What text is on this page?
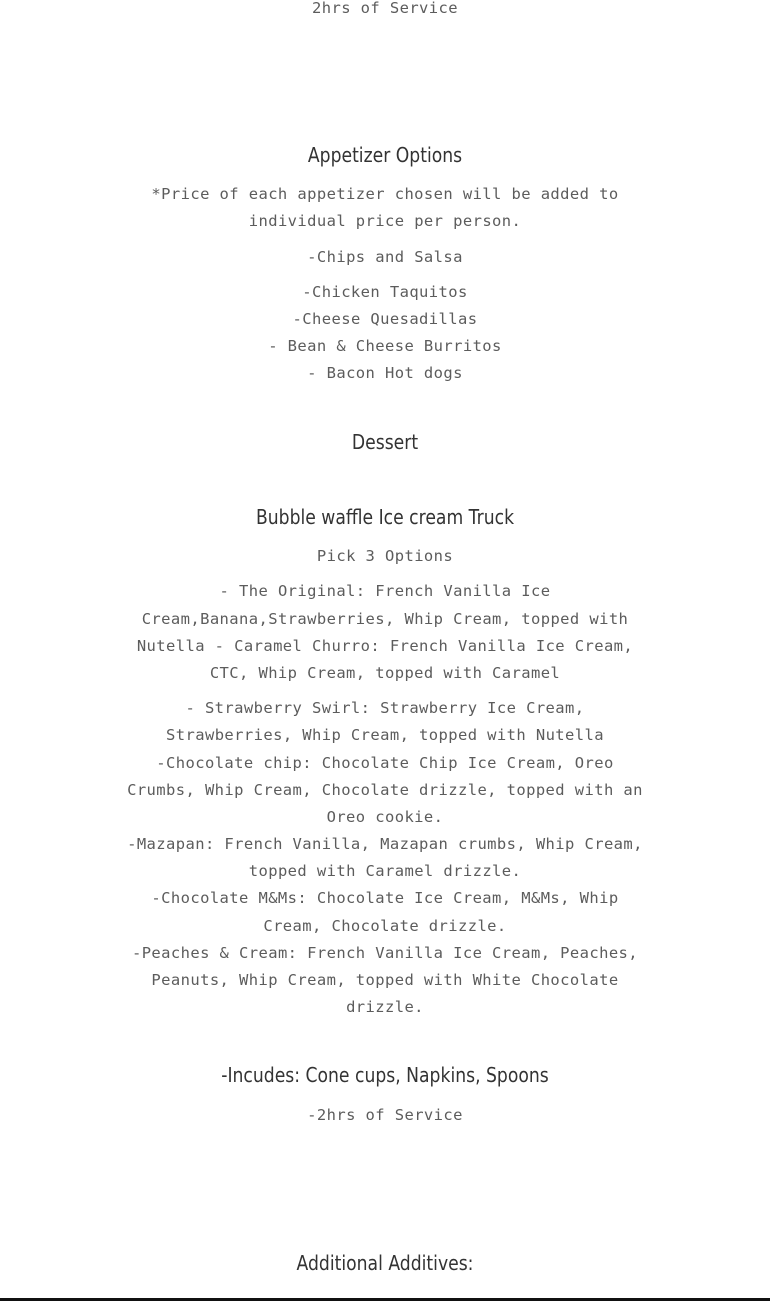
2hrs of Service
Appetizer Options
*Price of each appetizer chosen will be added to
individual price per person.
-Chips and Salsa
-Chicken Taquitos
-Cheese Quesadillas
- Bean & Cheese Burritos
- Bacon Hot dogs
Dessert
Bubble waffle Ice cream Truck
Pick 3 Options
- The Original: French Vanilla Ice
Cream,Banana,Strawberries, Whip Cream, topped with
Nutella - Caramel Churro: French Vanilla Ice Cream,
CTC, Whip Cream, topped with Caramel
- Strawberry Swirl: Strawberry Ice Cream,
Strawberries, Whip Cream, topped with Nutella
-Chocolate chip: Chocolate Chip Ice Cream, Oreo
Crumbs, Whip Cream, Chocolate drizzle, topped with an
Oreo cookie.
-Mazapan: French Vanilla, Mazapan crumbs, Whip Cream,
topped with Caramel drizzle.
-Chocolate M&Ms: Chocolate Ice Cream, M&Ms, Whip
Cream, Chocolate drizzle.
-Peaches & Cream: French Vanilla Ice Cream, Peaches,
Peanuts, Whip Cream, topped with White Chocolate
drizzle.
-Incudes: Cone cups, Napkins, Spoons
-2hrs of Service
Additional Additives:
